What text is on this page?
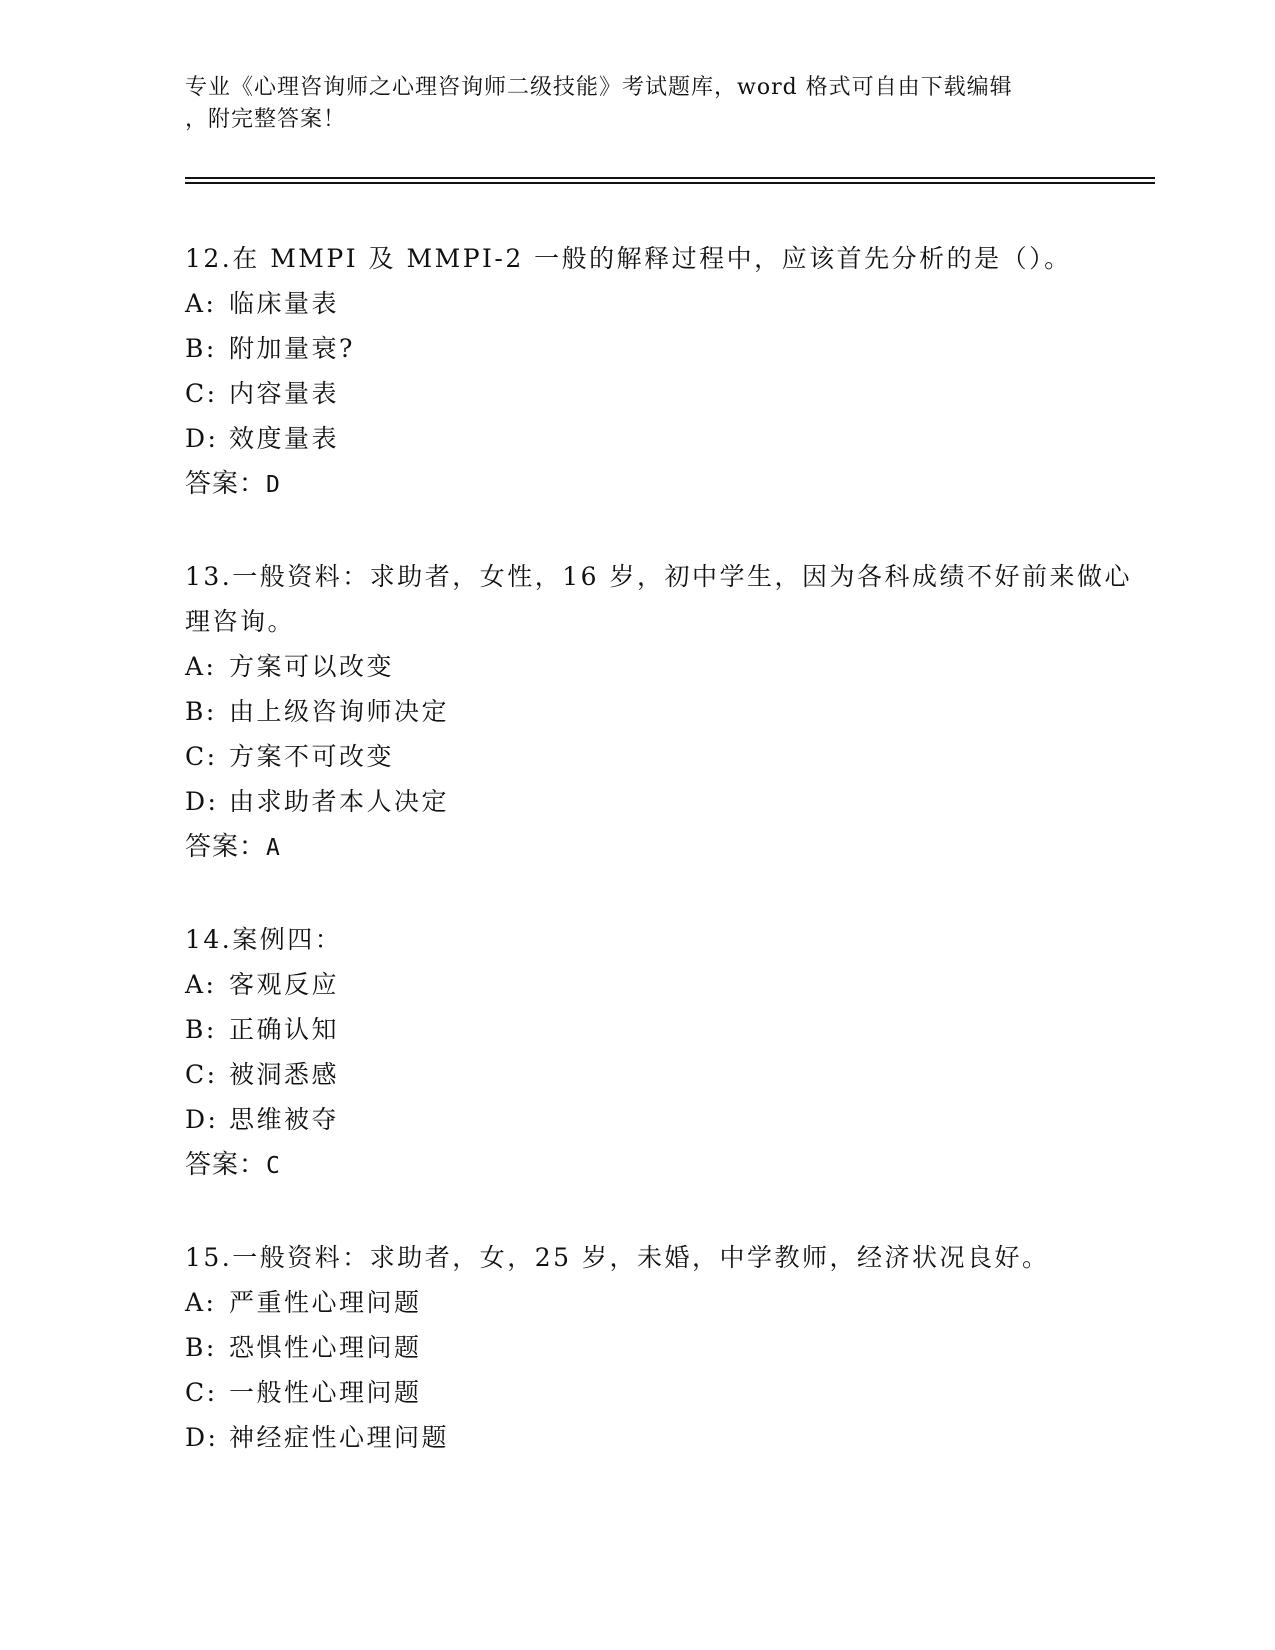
专业《心理咨询师之心理咨询师二级技能》考试题库，word 格式可自由下载编辑
，附完整答案！
12.在 MMPI 及 MMPI-2 一般的解释过程中，应该首先分析的是（）。
A: 临床量表
B: 附加量衰?
C: 内容量表
D: 效度量表
答案：D
13.一般资料：求助者，女性，16 岁，初中学生，因为各科成绩不好前来做心理咨询。
A: 方案可以改变
B: 由上级咨询师决定
C: 方案不可改变
D: 由求助者本人决定
答案：A
14.案例四：
A: 客观反应
B: 正确认知
C: 被洞悉感
D: 思维被夺
答案：C
15.一般资料：求助者，女，25 岁，未婚，中学教师，经济状况良好。
A: 严重性心理问题
B: 恐惧性心理问题
C: 一般性心理问题
D: 神经症性心理问题
